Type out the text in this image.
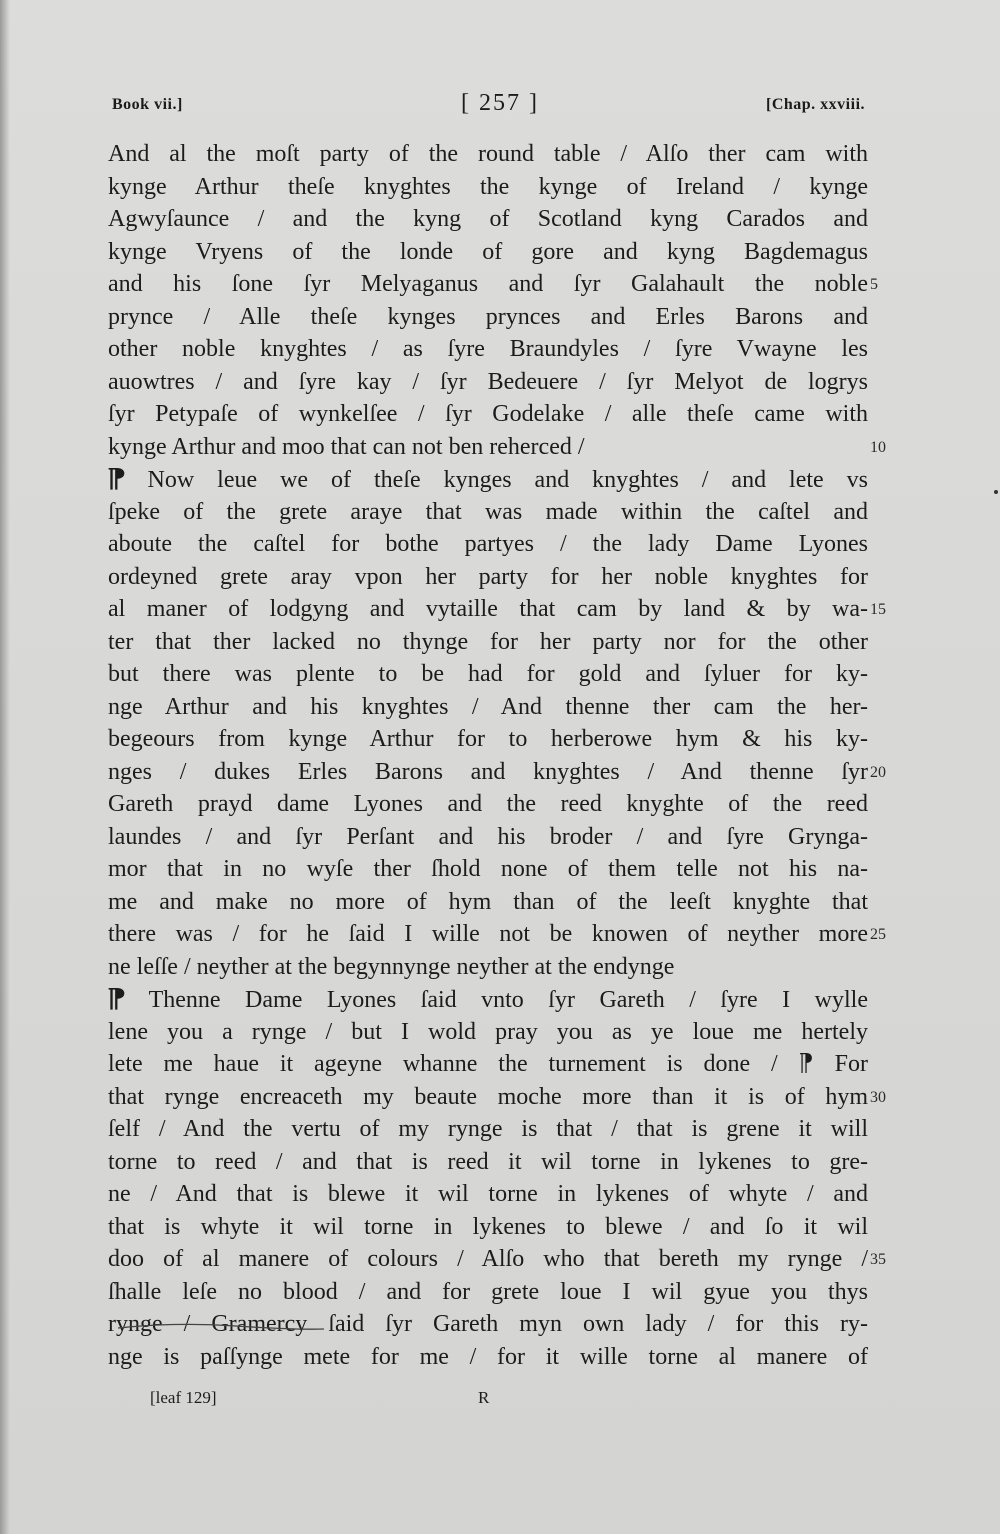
Book vii.]	[ 257 ]	[Chap. xxviii.
And al the moſt party of the round table / Alſo ther cam with
kynge Arthur theſe knyghtes the kynge of Ireland / kynge
Agwyſaunce / and the kyng of Scotland kyng Carados and
kynge Vryens of the londe of gore and kyng Bagdemagus
and his ſone ſyr Melyaganus and ſyr Galahault the noble
prynce / Alle theſe kynges prynces and Erles Barons and
other noble knyghtes / as ſyre Braundyles / ſyre Vwayne les
auowtres / and ſyre kay / ſyr Bedeuere / ſyr Melyot de logrys
ſyr Petypaſe of wynkelſee / ſyr Godelake / alle theſe came with
kynge Arthur and moo that can not ben reherced /
⁋ Now leue we of theſe kynges and knyghtes / and lete vs
ſpeke of the grete araye that was made within the caſtel and
aboute the caſtel for bothe partyes / the lady Dame Lyones
ordeyned grete aray vpon her party for her noble knyghtes for
al maner of lodgyng and vytaille that cam by land & by wa-
ter that ther lacked no thynge for her party nor for the other
but there was plente to be had for gold and ſyluer for ky-
nge Arthur and his knyghtes / And thenne ther cam the her-
begeours from kynge Arthur for to herberowe hym & his ky-
nges / dukes Erles Barons and knyghtes / And thenne ſyr
Gareth prayd dame Lyones and the reed knyghte of the reed
laundes / and ſyr Perſant and his broder / and ſyre Grynga-
mor that in no wyſe ther ſhold none of them telle not his na-
me and make no more of hym than of the leeſt knyghte that
there was / for he ſaid I wille not be knowen of neyther more
ne leſſe / neyther at the begynnynge neyther at the endynge
⁋ Thenne Dame Lyones ſaid vnto ſyr Gareth / ſyre I wylle
lene you a rynge / but I wold pray you as ye loue me hertely
lete me haue it ageyne whanne the turnement is done / ⁋ For
that rynge encreaceth my beaute moche more than it is of hym
ſelf / And the vertu of my rynge is that / that is grene it will
torne to reed / and that is reed it wil torne in lykenes to gre-
ne / And that is blewe it wil torne in lykenes of whyte / and
that is whyte it wil torne in lykenes to blewe / and ſo it wil
doo of al manere of colours / Alſo who that bereth my rynge /
ſhalle leſe no blood / and for grete loue I wil gyue you thys
rynge / Gramercy ſaid ſyr Gareth myn own lady / for this ry-
nge is paſſynge mete for me / for it wille torne al manere of
[leaf 129]	R
5
10
15
20
25
30
35
